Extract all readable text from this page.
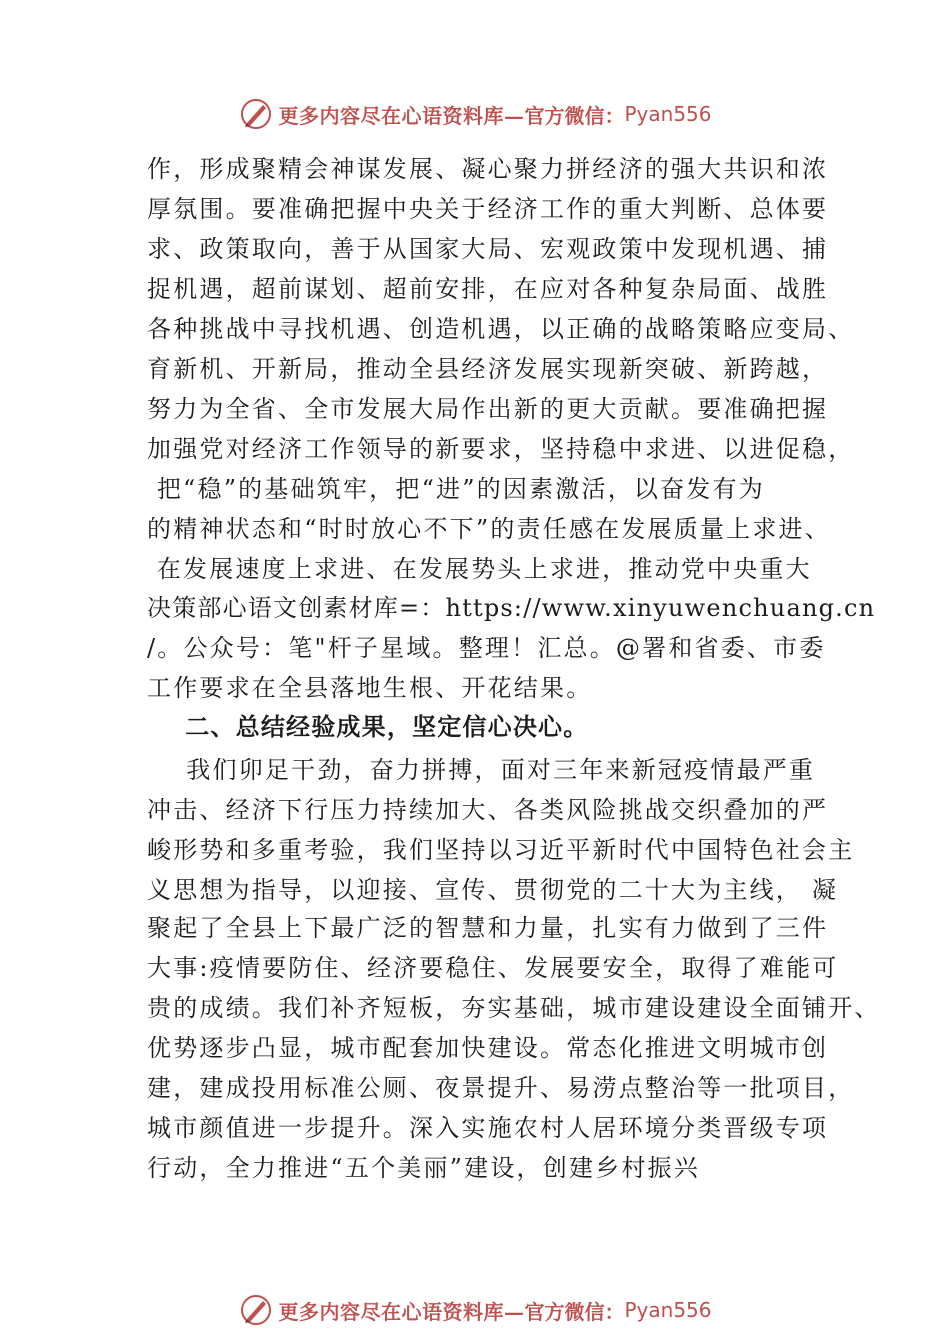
更多内容尽在心语资料库— 官方微信： Pyan556
作，形成聚精会神谋发展、凝心聚力拼经济的强大共识和浓
厚氛围。要准确把握中央关于经济工作的重大判断、总体要
求、政策取向，善于从国家大局、宏观政策中发现机遇、捕
捉机遇，超前谋划、超前安排，在应对各种复杂局面、战胜
各种挑战中寻找机遇、创造机遇，以正确的战略策略应变局、
育新机、开新局，推动全县经济发展实现新突破、新跨越，
努力为全省、全市发展大局作出新的更大贡献。要准确把握
加强党对经济工作领导的新要求，坚持稳中求进、以进促稳，
把“稳”的基础筑牢，把“进”的因素激活，以奋发有为
的精神状态和“时时放心不下”的责任感在发展质量上求进、
在发展速度上求进、在发展势头上求进，推动党中央重大
决策部心语文创素材库=：https://www.xinyuwenchuang.cn
/。公众号：笔"杆子星域。整理！汇总。@署和省委、市委
工作要求在全县落地生根、开花结果。
二、总结经验成果，坚定信心决心。
我们卯足干劲，奋力拼搏，面对三年来新冠疫情最严重
冲击、经济下行压力持续加大、各类风险挑战交织叠加的严
峻形势和多重考验，我们坚持以习近平新时代中国特色社会主
义思想为指导，以迎接、宣传、贯彻党的二十大为主线， 凝
聚起了全县上下最广泛的智慧和力量，扎实有力做到了三件
大事:疫情要防住、经济要稳住、发展要安全，取得了难能可
贵的成绩。我们补齐短板，夯实基础，城市建设建设全面铺开、
优势逐步凸显，城市配套加快建设。常态化推进文明城市创
建，建成投用标准公厕、夜景提升、易涝点整治等一批项目，
城市颜值进一步提升。深入实施农村人居环境分类晋级专项
行动，全力推进“五个美丽”建设，创建乡村振兴
更多内容尽在心语资料库— 官方微信： Pyan556
